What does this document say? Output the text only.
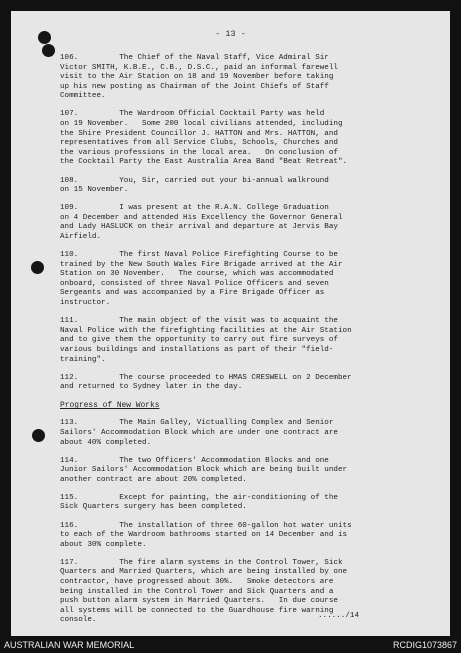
- 13 -

106.         The Chief of the Naval Staff, Vice Admiral Sir
Victor SMITH, K.B.E., C.B., D.S.C., paid an informal farewell
visit to the Air Station on 18 and 19 November before taking
up his new posting as Chairman of the Joint Chiefs of Staff
Committee.

107.         The Wardroom Official Cocktail Party was held
on 19 November.   Some 200 local civilians attended, including
the Shire President Councillor J. HATTON and Mrs. HATTON, and
representatives from all Service Clubs, Schools, Churches and
the various professions in the local area.   On conclusion of
the Cocktail Party the East Australia Area Band "Beat Retreat".

108.         You, Sir, carried out your bi-annual walkround
on 15 November.

109.         I was present at the R.A.N. College Graduation
on 4 December and attended His Excellency the Governor General
and Lady HASLUCK on their arrival and departure at Jervis Bay
Airfield.

110.         The first Naval Police Firefighting Course to be
trained by the New South Wales Fire Brigade arrived at the Air
Station on 30 November.   The course, which was accommodated
onboard, consisted of three Naval Police Officers and seven
Sergeants and was accompanied by a Fire Brigade Officer as
instructor.

111.         The main object of the visit was to acquaint the
Naval Police with the firefighting facilities at the Air Station
and to give them the opportunity to carry out fire surveys of
various buildings and installations as part of their "field-
training".

112.         The course proceeded to HMAS CRESWELL on 2 December
and returned to Sydney later in the day.

Progress of New Works

113.         The Main Galley, Victualling Complex and Senior
Sailors' Accommodation Block which are under one contract are
about 40% completed.

114.         The two Officers' Accommodation Blocks and one
Junior Sailors' Accommodation Block which are being built under
another contract are about 20% completed.

115.         Except for painting, the air-conditioning of the
Sick Quarters surgery has been completed.

116.         The installation of three 60-gallon hot water units
to each of the Wardroom bathrooms started on 14 December and is
about 30% complete.

117.         The fire alarm systems in the Control Tower, Sick
Quarters and Married Quarters, which are being installed by one
contractor, have progressed about 30%.   Smoke detectors are
being installed in the Control Tower and Sick Quarters and a
push button alarm system in Married Quarters.   In due course
all systems will be connected to the Guardhouse fire warning
console.

....../14
AUSTRALIAN WAR MEMORIAL	RCDIG1073867
